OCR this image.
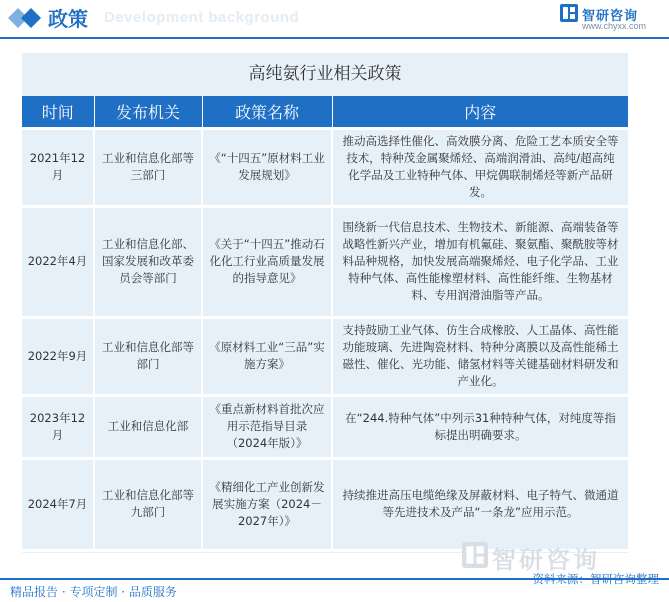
Development background
政策	智研咨询
www.chyxx.com
高纯氨行业相关政策
时间	发布机关	政策名称	内容
2021年12月	工业和信息化部等三部门	《“十四五”原材料工业发展规划》	推动高选择性催化、高效膜分离、危险工艺本质安全等技术，特种茂金属聚烯烃、高端润滑油、高纯/超高纯化学品及工业特种气体、甲烷偶联制烯烃等新产品研发。
2022年4月	工业和信息化部、国家发展和改革委员会等部门	《关于“十四五”推动石化化工行业高质量发展的指导意见》	围绕新一代信息技术、生物技术、新能源、高端装备等战略性新兴产业，增加有机氟硅、聚氨酯、聚酰胺等材料品种规格，加快发展高端聚烯烃、电子化学品、工业特种气体、高性能橡塑材料、高性能纤维、生物基材料、专用润滑油脂等产品。
2022年9月	工业和信息化部等部门	《原材料工业“三品”实施方案》	支持鼓励工业气体、仿生合成橡胶、人工晶体、高性能功能玻璃、先进陶瓷材料、特种分离膜以及高性能稀土磁性、催化、光功能、储氢材料等关键基础材料研发和产业化。
2023年12月	工业和信息化部	《重点新材料首批次应用示范指导目录（2024年版）》	在“244.特种气体”中列示31种特种气体，对纯度等指标提出明确要求。
2024年7月	工业和信息化部等九部门	《精细化工产业创新发展实施方案（2024－2027年）》	持续推进高压电缆绝缘及屏蔽材料、电子特气、微通道等先进技术及产品“一条龙”应用示范。
智研咨询
精品报告 · 专项定制 · 品质服务
